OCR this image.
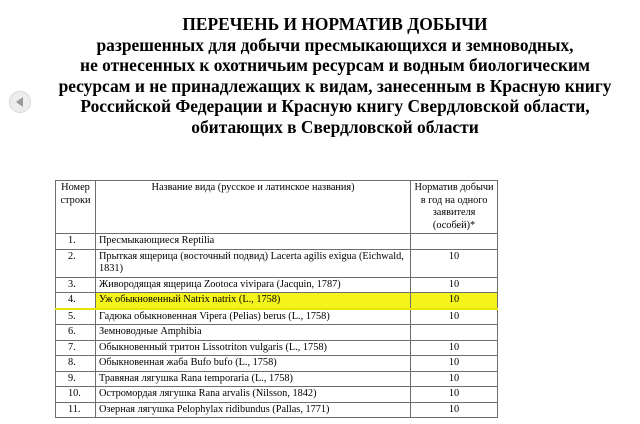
ПЕРЕЧЕНЬ И НОРМАТИВ ДОБЫЧИ
разрешенных для добычи пресмыкающихся и земноводных,
не отнесенных к охотничьим ресурсам и водным биологическим
ресурсам и не принадлежащих к видам, занесенным в Красную книгу
Российской Федерации и Красную книгу Свердловской области,
обитающих в Свердловской области
Номер строки	Название вида (русское и латинское названия)	Норматив добычи в год на одного заявителя (особей)*
1.	Пресмыкающиеся Reptilia	
2.	Прыткая ящерица (восточный подвид) Lacerta agilis exigua (Eichwald, 1831)	10
3.	Живородящая ящерица Zootoca vivipara (Jacquin, 1787)	10
4.	Уж обыкновенный Natrix natrix (L., 1758)	10
5.	Гадюка обыкновенная Vipera (Pelias) berus (L., 1758)	10
6.	Земноводные Amphibia	
7.	Обыкновенный тритон Lissotriton vulgaris (L., 1758)	10
8.	Обыкновенная жаба Bufo bufo (L., 1758)	10
9.	Травяная лягушка Rana temporaria (L., 1758)	10
10.	Остромордая лягушка Rana arvalis (Nilsson, 1842)	10
11.	Озерная лягушка Pelophylax ridibundus (Pallas, 1771)	10
